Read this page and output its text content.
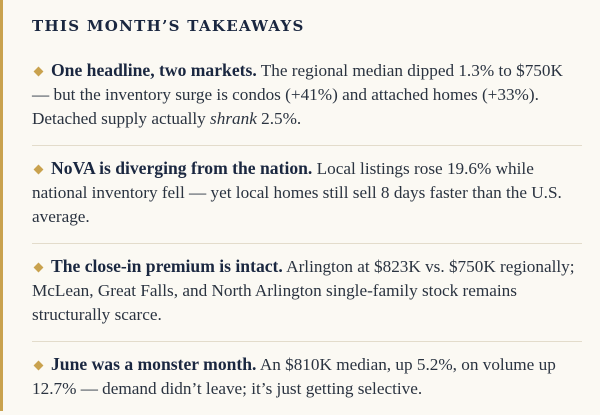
THIS MONTH’S TAKEAWAYS
One headline, two markets. The regional median dipped 1.3% to $750K — but the inventory surge is condos (+41%) and attached homes (+33%). Detached supply actually shrank 2.5%.
NoVA is diverging from the nation. Local listings rose 19.6% while national inventory fell — yet local homes still sell 8 days faster than the U.S. average.
The close-in premium is intact. Arlington at $823K vs. $750K regionally; McLean, Great Falls, and North Arlington single-family stock remains structurally scarce.
June was a monster month. An $810K median, up 5.2%, on volume up 12.7% — demand didn’t leave; it’s just getting selective.
